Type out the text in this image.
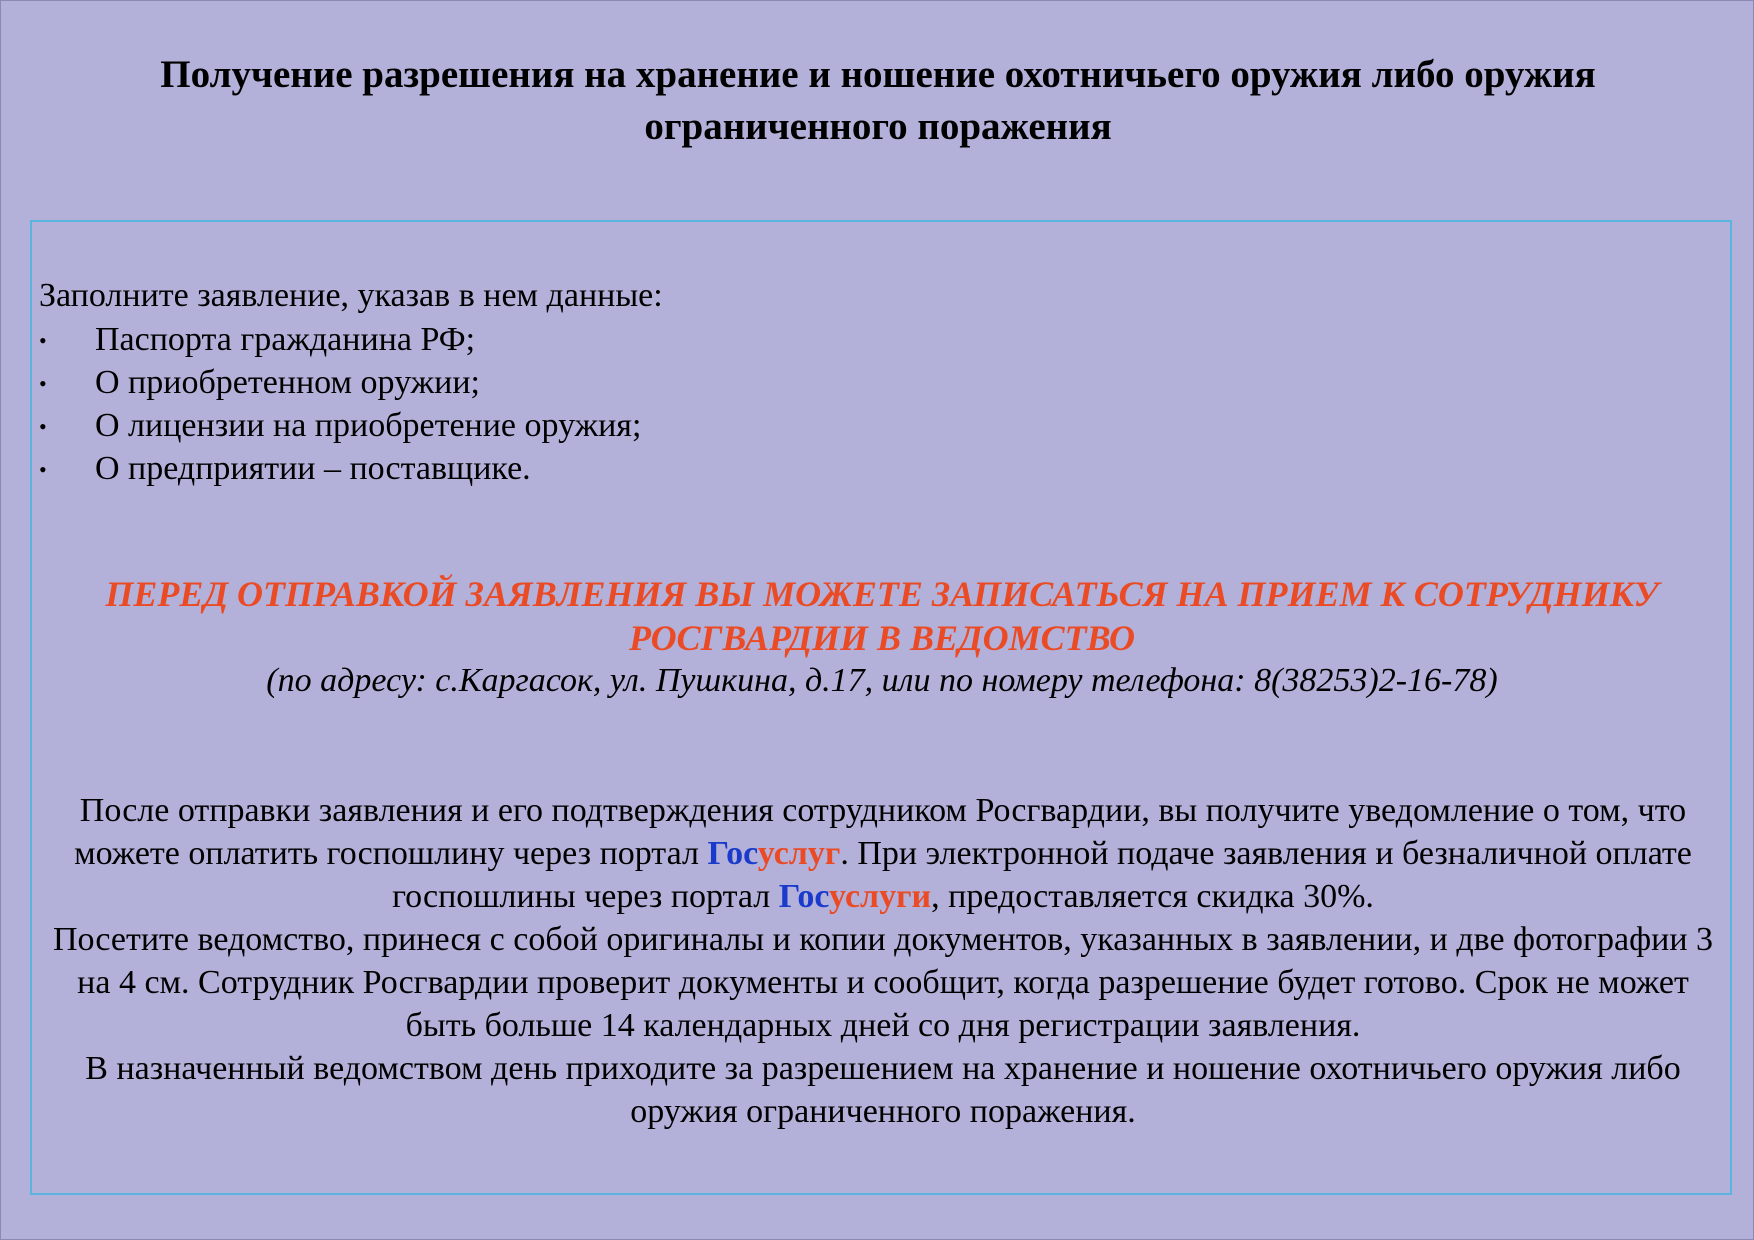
Получение разрешения на хранение и ношение охотничьего оружия либо оружия ограниченного поражения

Заполните заявление, указав в нем данные:

• Паспорта гражданина РФ;
• О приобретенном оружии;
• О лицензии на приобретение оружия;
• О предприятии – поставщике.
ПЕРЕД ОТПРАВКОЙ ЗАЯВЛЕНИЯ ВЫ МОЖЕТЕ ЗАПИСАТЬСЯ НА ПРИЕМ К СОТРУДНИКУ РОСГВАРДИИ В ВЕДОМСТВО
(по адресу: с.Каргасок, ул. Пушкина, д.17, или по номеру телефона: 8(38253)2-16-78)

После отправки заявления и его подтверждения сотрудником Росгвардии, вы получите уведомление о том, что можете оплатить госпошлину через портал Госуслуг. При электронной подаче заявления и безналичной оплате госпошлины через портал Госуслуги, предоставляется скидка 30%.

Посетите ведомство, принеся с собой оригиналы и копии документов, указанных в заявлении, и две фотографии 3 на 4 см. Сотрудник Росгвардии проверит документы и сообщит, когда разрешение будет готово. Срок не может быть больше 14 календарных дней со дня регистрации заявления.

В назначенный ведомством день приходите за разрешением на хранение и ношение охотничьего оружия либо оружия ограниченного поражения.
